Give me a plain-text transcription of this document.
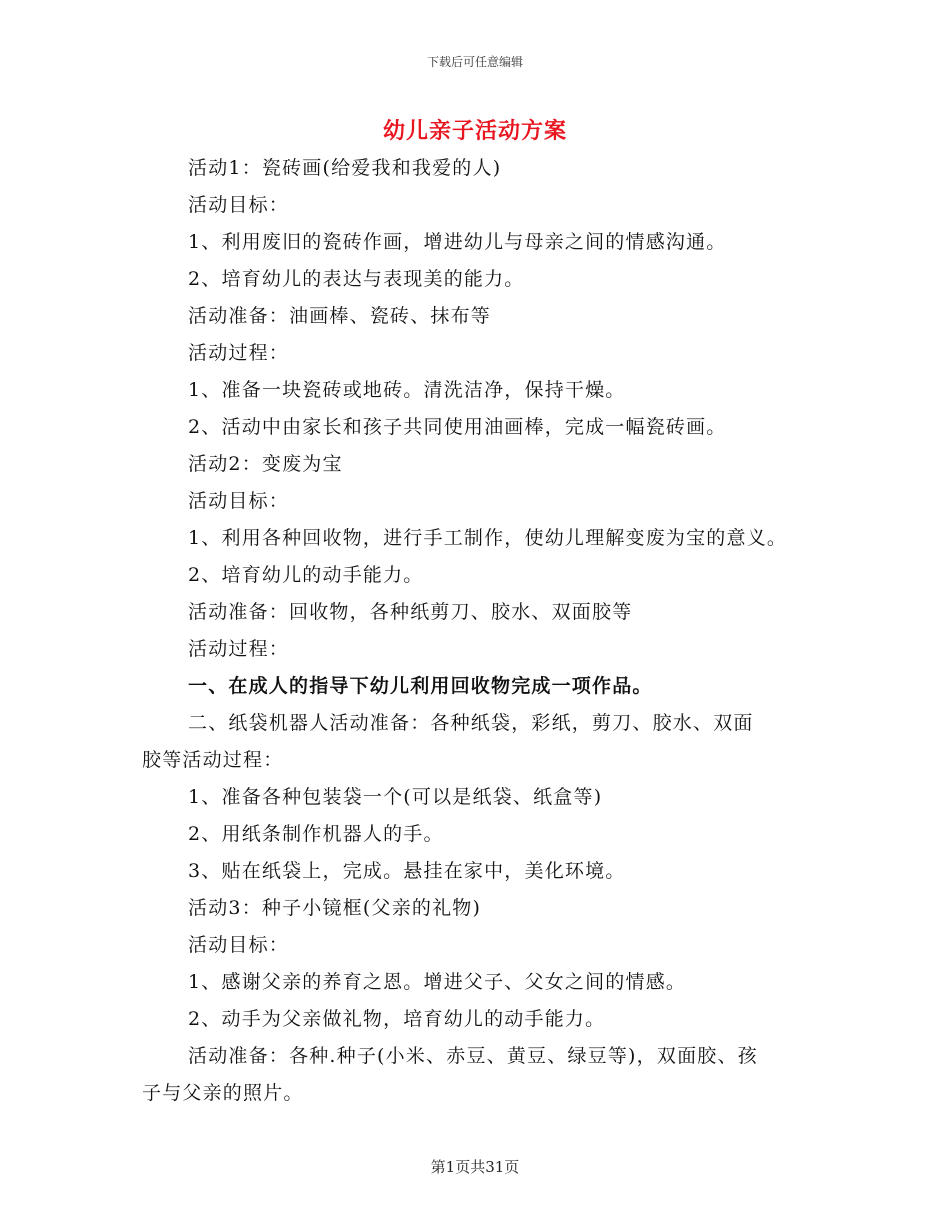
下载后可任意编辑
幼儿亲子活动方案
活动1：瓷砖画(给爱我和我爱的人)
活动目标：
1、利用废旧的瓷砖作画，增进幼儿与母亲之间的情感沟通。
2、培育幼儿的表达与表现美的能力。
活动准备：油画棒、瓷砖、抹布等
活动过程：
1、准备一块瓷砖或地砖。清洗洁净，保持干燥。
2、活动中由家长和孩子共同使用油画棒，完成一幅瓷砖画。
活动2：变废为宝
活动目标：
1、利用各种回收物，进行手工制作，使幼儿理解变废为宝的意义。
2、培育幼儿的动手能力。
活动准备：回收物，各种纸剪刀、胶水、双面胶等
活动过程：
一、在成人的指导下幼儿利用回收物完成一项作品。
二、纸袋机器人活动准备：各种纸袋，彩纸，剪刀、胶水、双面
胶等活动过程：
1、准备各种包装袋一个(可以是纸袋、纸盒等)
2、用纸条制作机器人的手。
3、贴在纸袋上，完成。悬挂在家中，美化环境。
活动3：种子小镜框(父亲的礼物)
活动目标：
1、感谢父亲的养育之恩。增进父子、父女之间的情感。
2、动手为父亲做礼物，培育幼儿的动手能力。
活动准备：各种.种子(小米、赤豆、黄豆、绿豆等)，双面胶、孩
子与父亲的照片。
第1页共31页
